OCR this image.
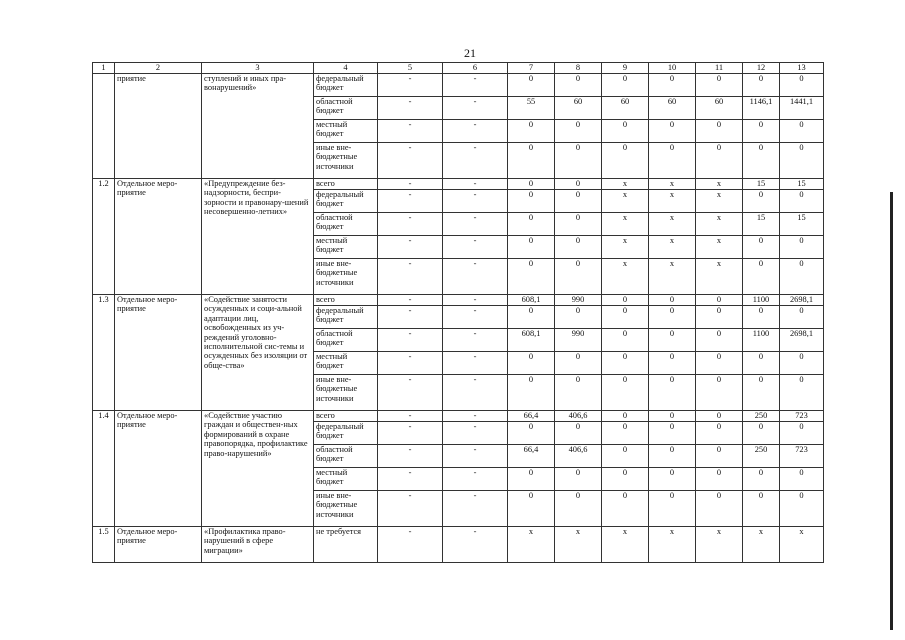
21
1	2	3	4	5	6	7	8	9	10	11	12	13
	приятие	ступлений и иных пра-вонарушений»	федеральный бюджет	-	-	0	0	0	0	0	0	0
			областной бюджет	-	-	55	60	60	60	60	1146,1	1441,1
			местный бюджет	-	-	0	0	0	0	0	0	0
			иные вне-бюджетные источники	-	-	0	0	0	0	0	0	0
1.2	Отдельное меро-приятие	«Предупреждение без-надзорности, беспри-зорности и правонару-шений несовершенно-летних»	всего	-	-	0	0	x	x	x	15	15
			федеральный бюджет	-	-	0	0	x	x	x	0	0
			областной бюджет	-	-	0	0	x	x	x	15	15
			местный бюджет	-	-	0	0	x	x	x	0	0
			иные вне-бюджетные источники	-	-	0	0	x	x	x	0	0
1.3	Отдельное меро-приятие	«Содействие занятости осужденных и соци-альной адаптации лиц, освобожденных из уч-реждений уголовно-исполнительной сис-темы и осужденных без изоляции от обще-ства»	всего	-	-	608,1	990	0	0	0	1100	2698,1
			федеральный бюджет	-	-	0	0	0	0	0	0	0
			областной бюджет	-	-	608,1	990	0	0	0	1100	2698,1
			местный бюджет	-	-	0	0	0	0	0	0	0
			иные вне-бюджетные источники	-	-	0	0	0	0	0	0	0
1.4	Отдельное меро-приятие	«Содействие участию граждан и обществен-ных формирований в охране правопорядка, профилактике право-нарушений»	всего	-	-	66,4	406,6	0	0	0	250	723
			федеральный бюджет	-	-	0	0	0	0	0	0	0
			областной бюджет	-	-	66,4	406,6	0	0	0	250	723
			местный бюджет	-	-	0	0	0	0	0	0	0
			иные вне-бюджетные источники	-	-	0	0	0	0	0	0	0
1.5	Отдельное меро-приятие	«Профилактика право-нарушений в сфере миграции»	не требуется	-	-	x	x	x	x	x	x	x
